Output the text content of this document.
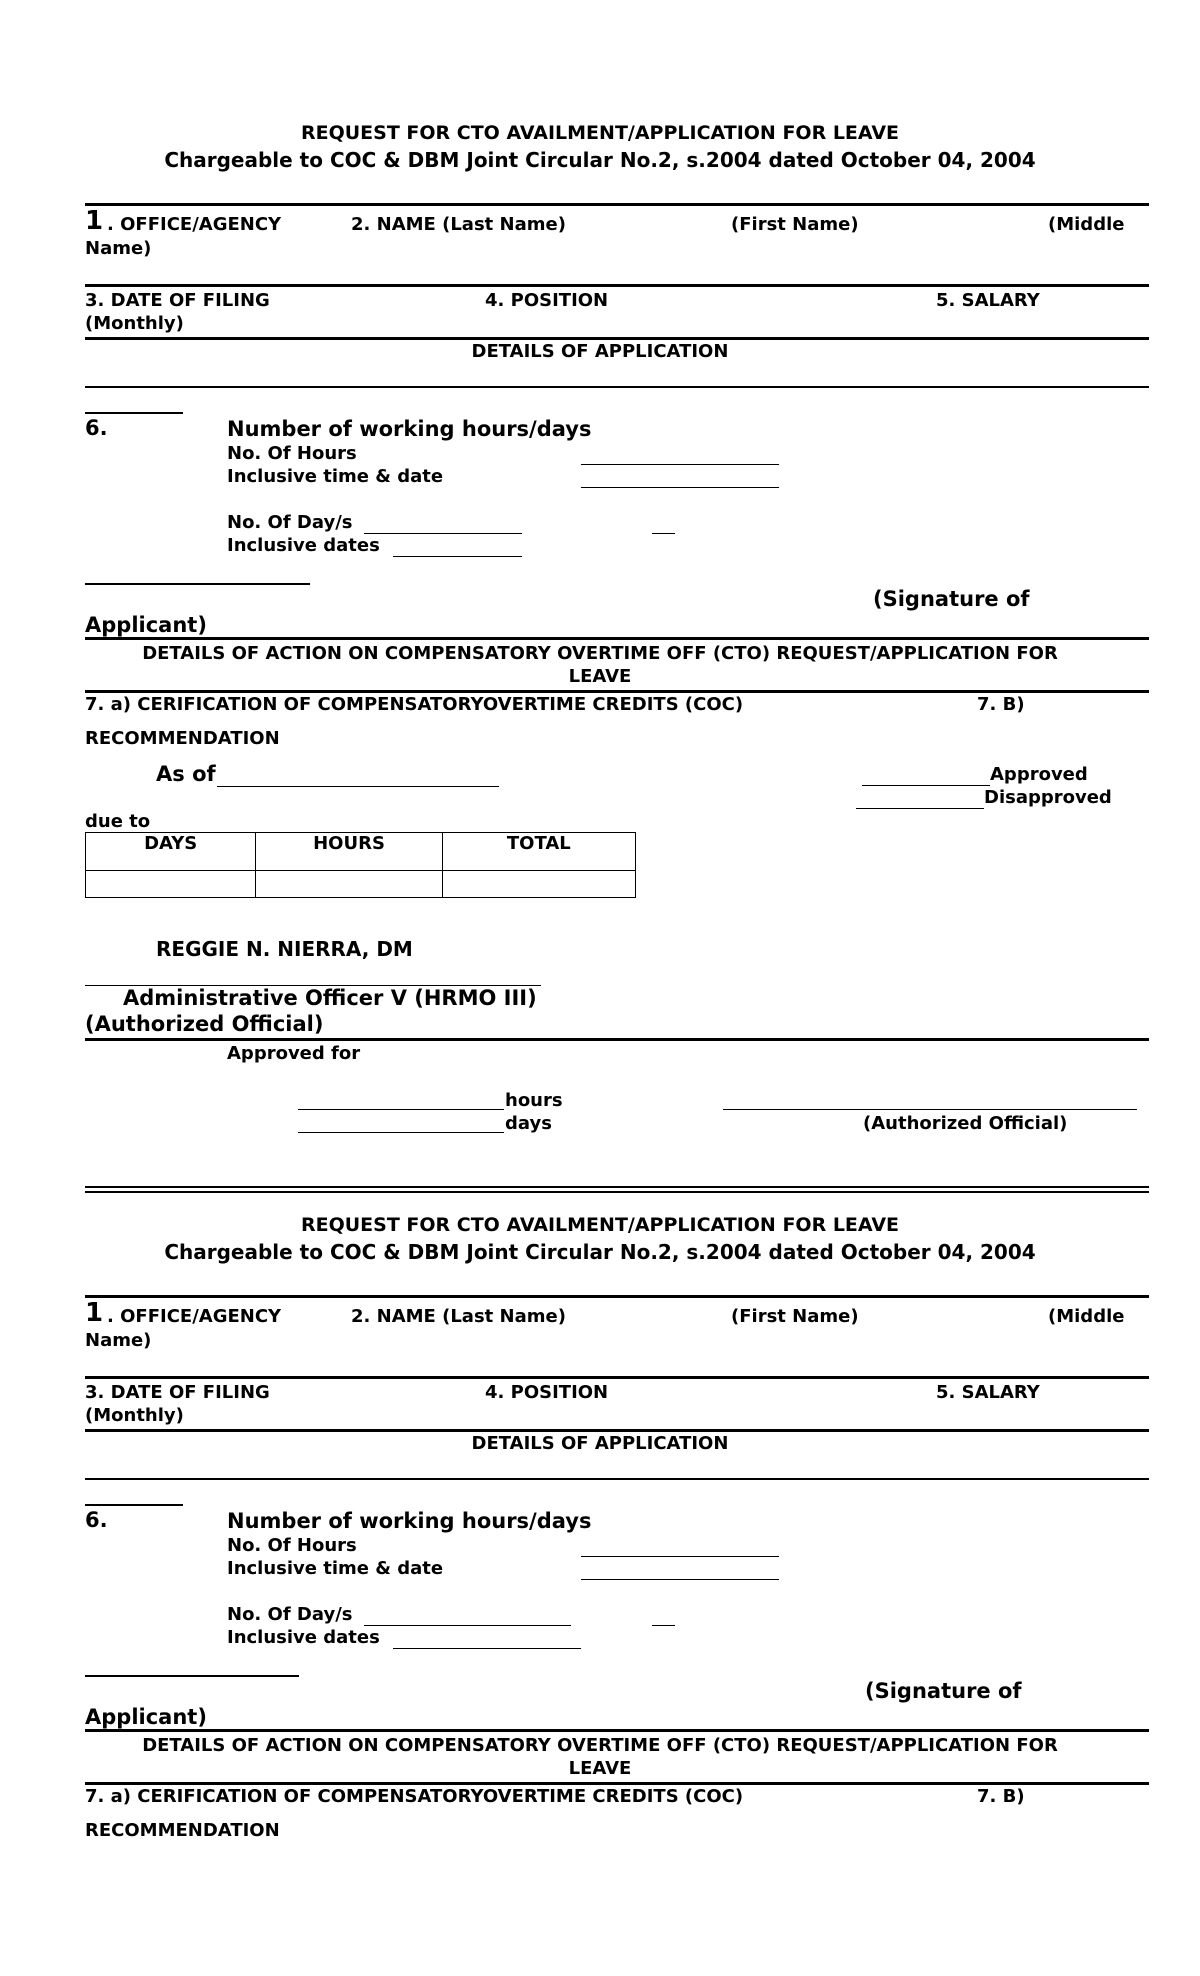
REQUEST FOR CTO AVAILMENT/APPLICATION FOR LEAVE
Chargeable to COC & DBM Joint Circular No.2, s.2004 dated October 04, 2004
1 . OFFICE/AGENCY	2. NAME (Last Name)	(First Name)	(Middle
Name)
3. DATE OF FILING	4. POSITION	5. SALARY
(Monthly)
DETAILS OF APPLICATION
6.	Number of working hours/days
No. Of Hours
Inclusive time & date
No. Of Day/s
Inclusive dates
(Signature of
Applicant)
DETAILS OF ACTION ON COMPENSATORY OVERTIME OFF (CTO) REQUEST/APPLICATION FOR
LEAVE
7. a) CERIFICATION OF COMPENSATORYOVERTIME CREDITS (COC)	7. B)
RECOMMENDATION
As of	Approved
Disapproved
due to
DAYS	HOURS	TOTAL

REGGIE N. NIERRA, DM
Administrative Officer V (HRMO III)
(Authorized Official)
Approved for
hours
days	(Authorized Official)
REQUEST FOR CTO AVAILMENT/APPLICATION FOR LEAVE
Chargeable to COC & DBM Joint Circular No.2, s.2004 dated October 04, 2004
1 . OFFICE/AGENCY	2. NAME (Last Name)	(First Name)	(Middle
Name)
3. DATE OF FILING	4. POSITION	5. SALARY
(Monthly)
DETAILS OF APPLICATION
6.	Number of working hours/days
No. Of Hours
Inclusive time & date
No. Of Day/s
Inclusive dates
(Signature of
Applicant)
DETAILS OF ACTION ON COMPENSATORY OVERTIME OFF (CTO) REQUEST/APPLICATION FOR
LEAVE
7. a) CERIFICATION OF COMPENSATORYOVERTIME CREDITS (COC)	7. B)
RECOMMENDATION
